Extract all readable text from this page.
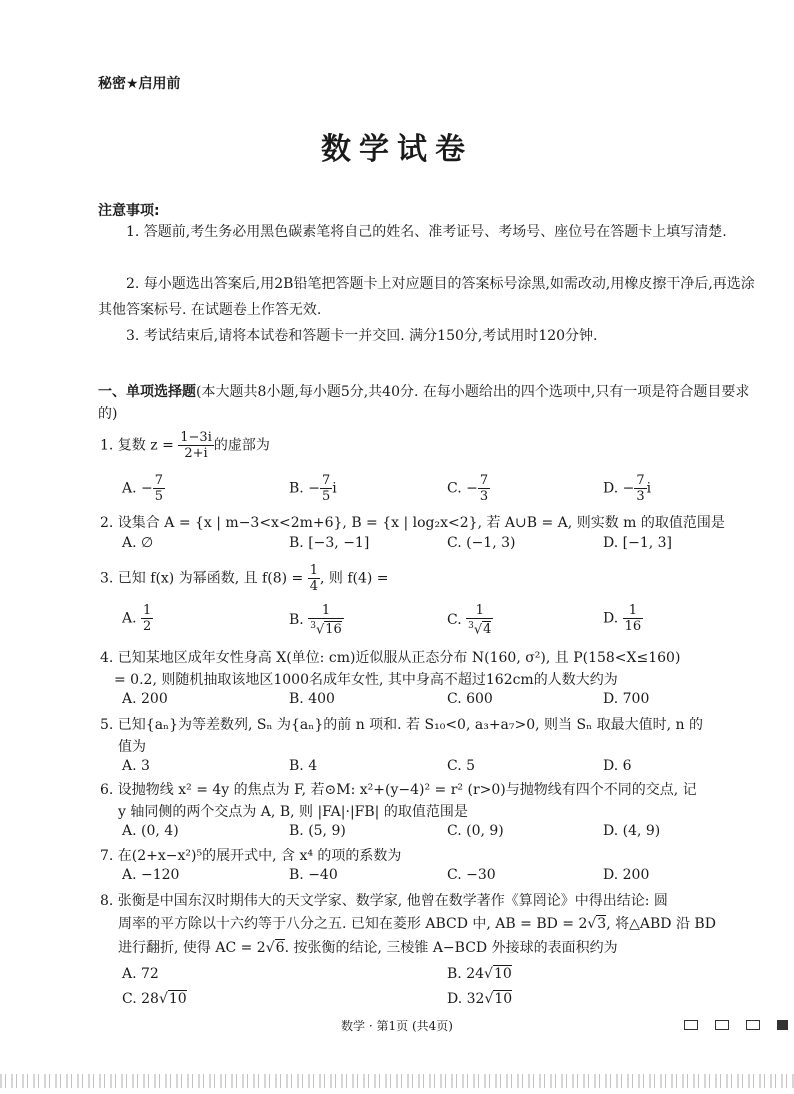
秘密★启用前
数学试卷
注意事项:
1. 答题前,考生务必用黑色碳素笔将自己的姓名、准考证号、考场号、座位号在答题卡上填写清楚.
2. 每小题选出答案后,用2B铅笔把答题卡上对应题目的答案标号涂黑,如需改动,用橡皮擦干净后,再选涂其他答案标号. 在试题卷上作答无效.
3. 考试结束后,请将本试卷和答题卡一并交回. 满分150分,考试用时120分钟.
一、单项选择题(本大题共8小题,每小题5分,共40分. 在每小题给出的四个选项中,只有一项是符合题目要求的)
1. 复数 $z = \frac{1-3i}{2+i}$ 的虚部为
A. − $\frac{7}{5}$	B. − $\frac{7}{5}$ i	C. − $\frac{7}{3}$	D. − $\frac{7}{3}$ i
2. 设集合 A = {x | m−3<x<2m+6}, B = {x | log₂x<2}, 若 A∪B = A, 则实数 m 的取值范围是
A. ∅	B. [−3, −1]	C. (−1, 3)	D. [−1, 3]
3. 已知 f(x) 为幂函数, 且 $f(8) = \frac{1}{4}$ , 则 f(4) =
A. $\frac{1}{2}$	B. $\frac{1}{^3√16}$	C. $\frac{1}{^3√4}$	D. $\frac{1}{16}$
4. 已知某地区成年女性身高 X(单位: cm)近似服从正态分布 N(160, σ²), 且 P(158<X≤160)
= 0.2, 则随机抽取该地区1000名成年女性, 其中身高不超过162cm的人数大约为
A. 200	B. 400	C. 600	D. 700
5. 已知{aₙ}为等差数列, Sₙ 为{aₙ}的前 n 项和. 若 S₁₀<0, a₃+a₇>0, 则当 Sₙ 取最大值时, n 的
值为
A. 3	B. 4	C. 5	D. 6
6. 设抛物线 x² = 4y 的焦点为 F, 若⊙M: x²+(y−4)² = r² (r>0)与抛物线有四个不同的交点, 记
y 轴同侧的两个交点为 A, B, 则 |FA|·|FB| 的取值范围是
A. (0, 4)	B. (5, 9)	C. (0, 9)	D. (4, 9)
7. 在(2+x−x²)⁵的展开式中, 含 x⁴ 的项的系数为
A. −120	B. −40	C. −30	D. 200
8. 张衡是中国东汉时期伟大的天文学家、数学家, 他曾在数学著作《算罔论》中得出结论: 圆
周率的平方除以十六约等于八分之五. 已知在菱形 ABCD 中, AB = BD = 2√3, 将△ABD 沿 BD
进行翻折, 使得 AC = 2√6. 按张衡的结论, 三棱锥 A−BCD 外接球的表面积约为
A. 72	B. 24√10
C. 28√10	D. 32√10
数学 · 第1页 (共4页)
